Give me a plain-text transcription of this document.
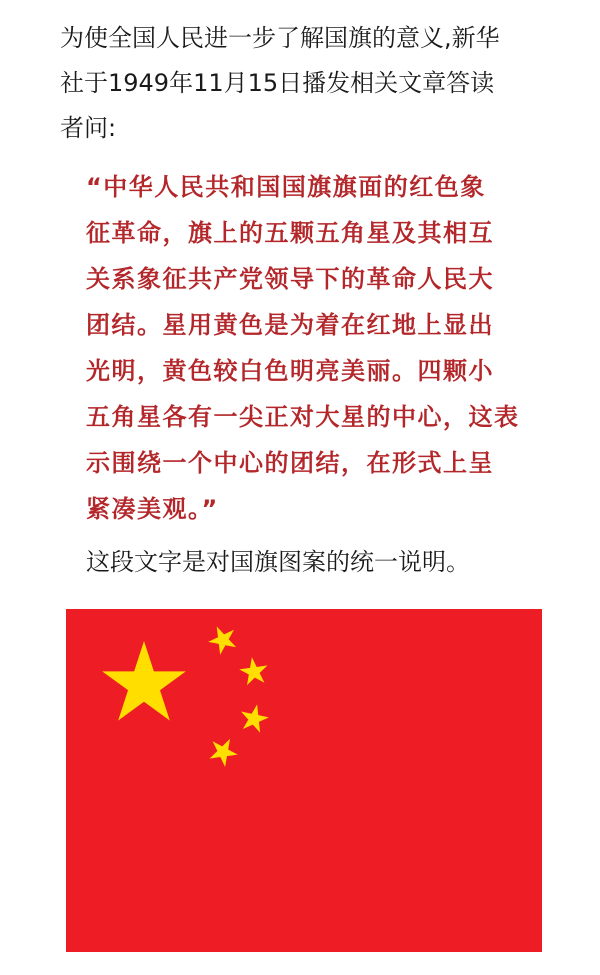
为使全国人民进一步了解国旗的意义,新华
社于1949年11月15日播发相关文章答读
者问:
“中华人民共和国国旗旗面的红色象
征革命，旗上的五颗五角星及其相互
关系象征共产党领导下的革命人民大
团结。星用黄色是为着在红地上显出
光明，黄色较白色明亮美丽。四颗小
五角星各有一尖正对大星的中心，这表
示围绕一个中心的团结，在形式上呈
紧凑美观。”

这段文字是对国旗图案的统一说明。
